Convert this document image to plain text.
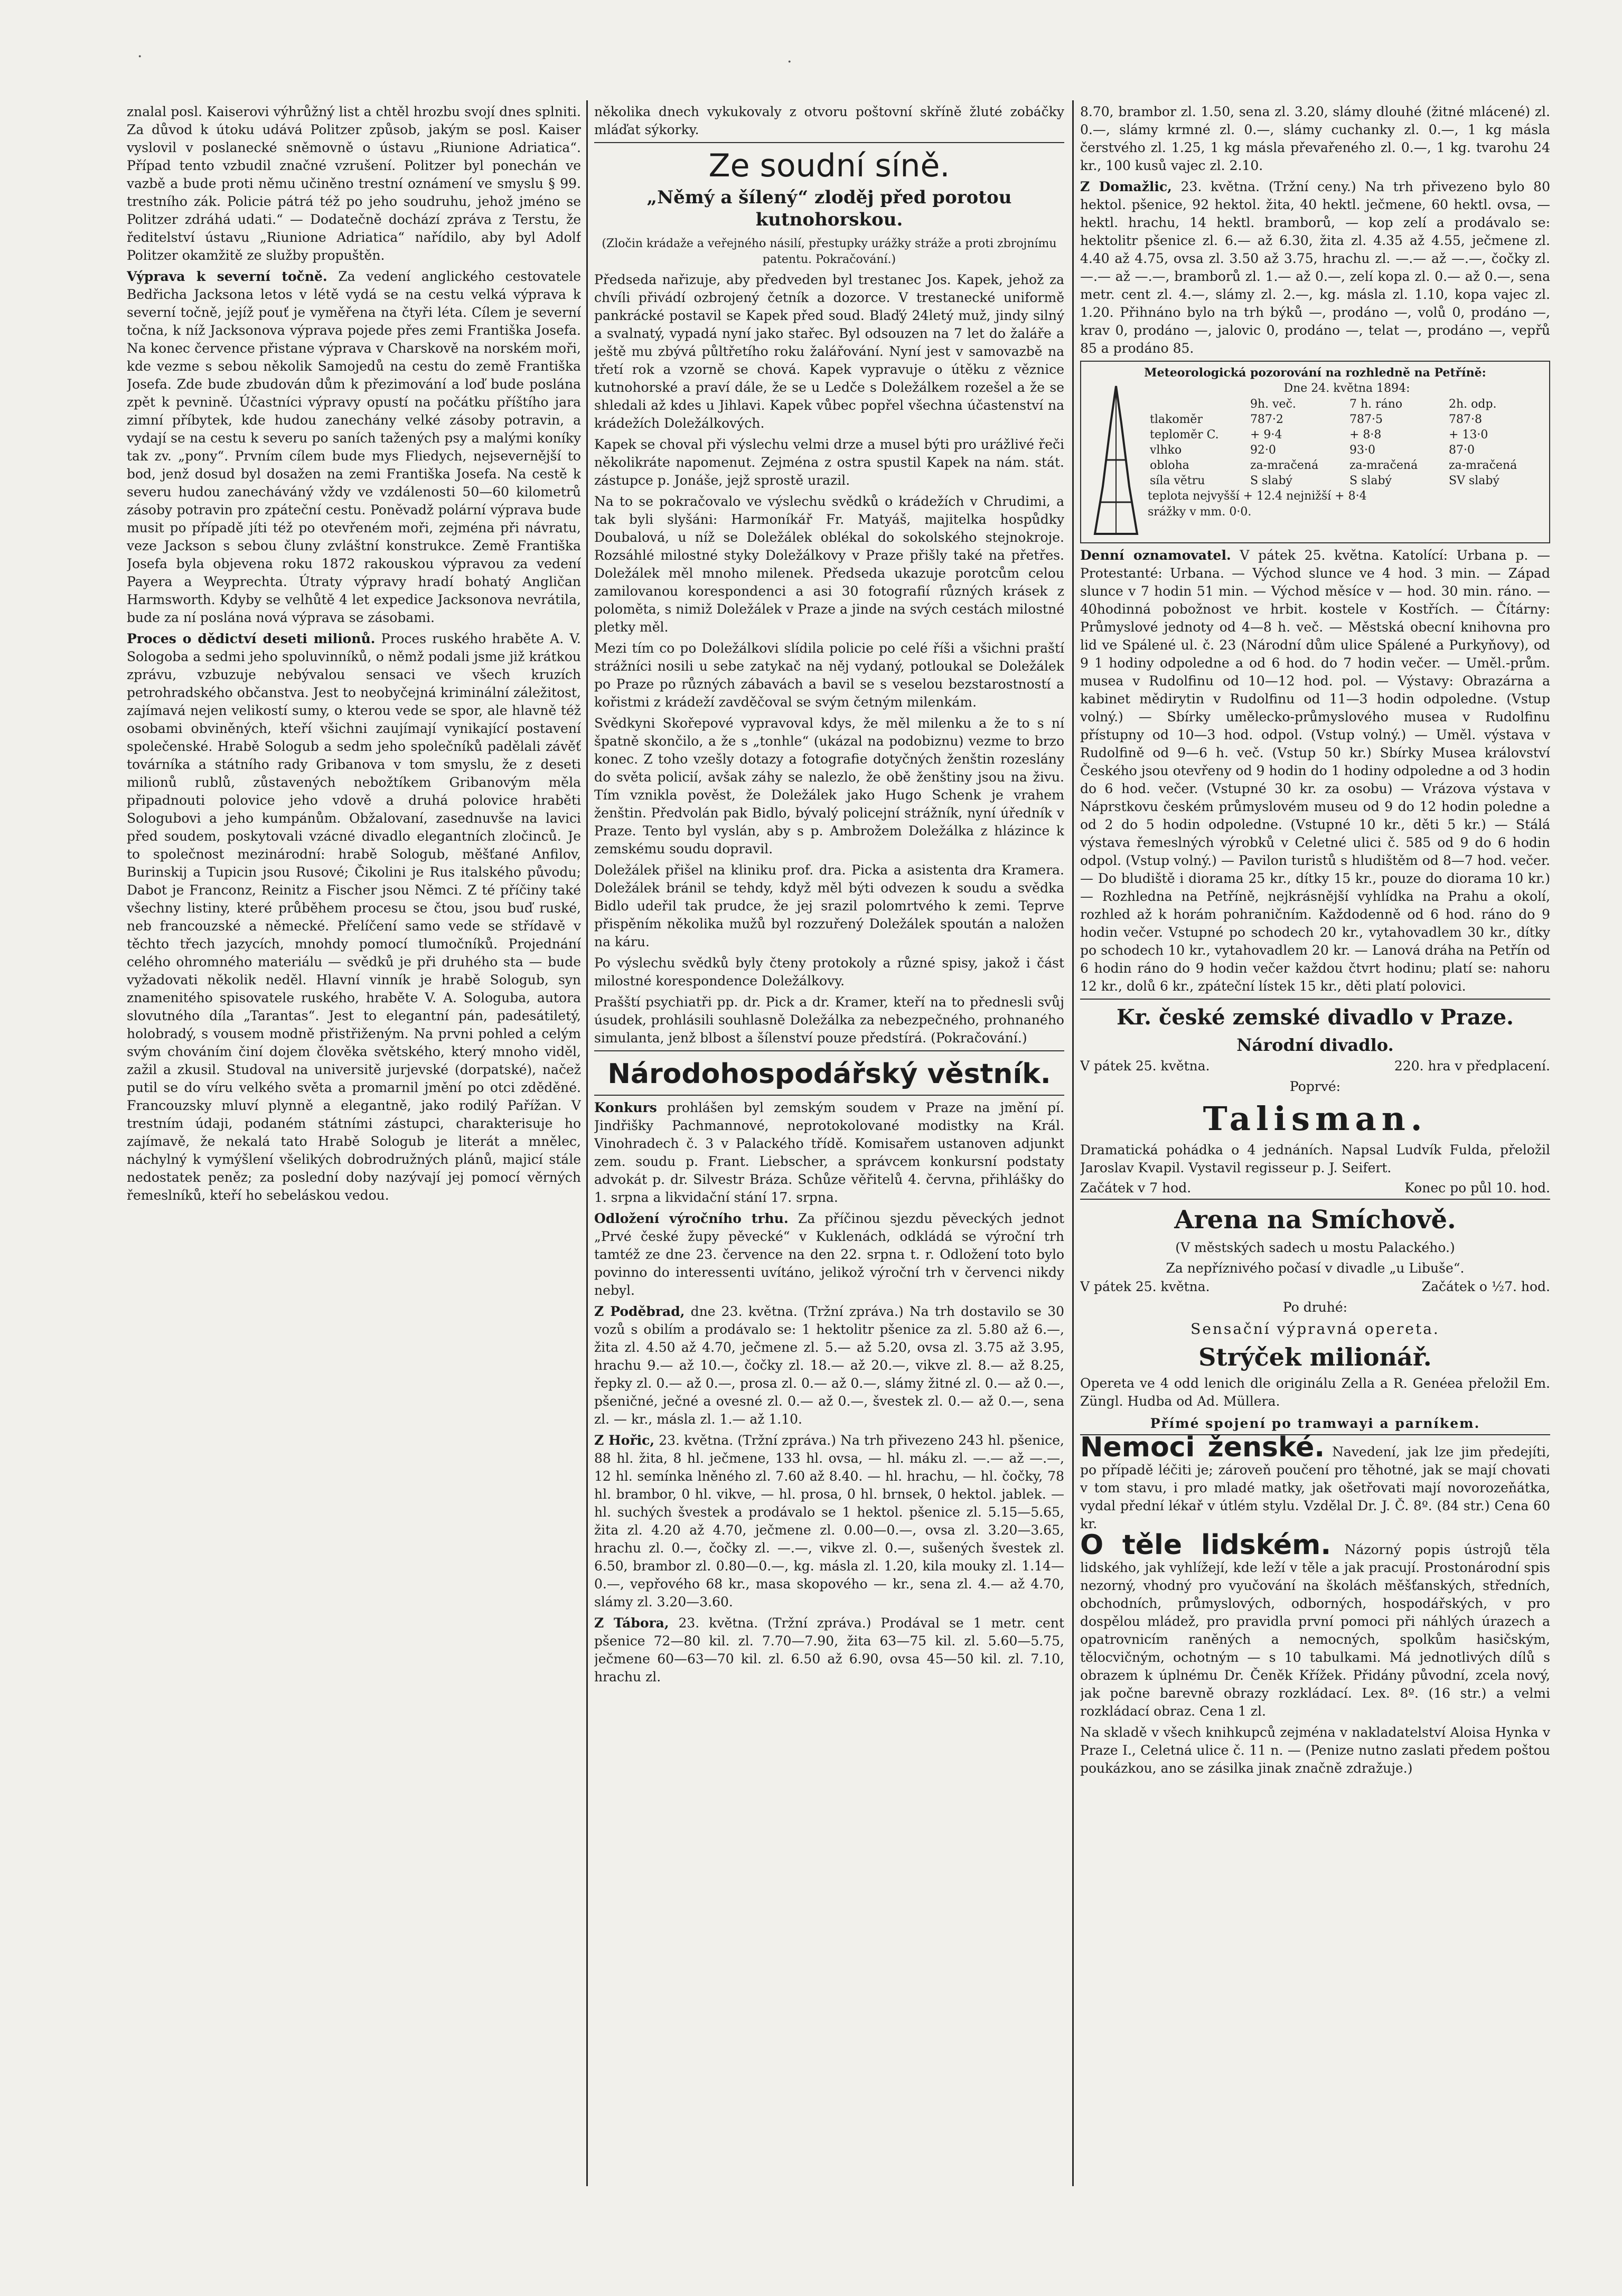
·	·

znalal posl. Kaiserovi výhrůžný list a chtěl hrozbu svojí dnes splniti. Za důvod k útoku udává Politzer způsob, jakým se posl. Kaiser vyslovil v poslanecké sněmovně o ústavu „Riunione Adriatica“. Případ tento vzbudil značné vzrušení. Politzer byl ponechán ve vazbě a bude proti němu učiněno trestní oznámení ve smyslu § 99. trestního zák. Policie pátrá též po jeho soudruhu, jehož jméno se Politzer zdráhá udati.“ — Dodatečně dochází zpráva z Terstu, že ředitelství ústavu „Riunione Adriatica“ nařídilo, aby byl Adolf Politzer okamžitě ze služby propuštěn.

Výprava k severní točně. Za vedení anglického cestovatele Bedřicha Jacksona letos v létě vydá se na cestu velká výprava k severní točně, jejíž pouť je vyměřena na čtyři léta. Cílem je severní točna, k níž Jacksonova výprava pojede přes zemi Františka Josefa. Na konec července přistane výprava v Charskově na norském moři, kde vezme s sebou několik Samojedů na cestu do země Františka Josefa. Zde bude zbudován dům k přezimování a loď bude poslána zpět k pevnině. Účastníci výpravy opustí na počátku příštího jara zimní příbytek, kde hudou zanechány velké zásoby potravin, a vydají se na cestu k severu po saních tažených psy a malými koníky tak zv. „pony“. Prvním cílem bude mys Fliedych, nejsevernější to bod, jenž dosud byl dosažen na zemi Františka Josefa. Na cestě k severu hudou zanecháváný vždy ve vzdálenosti 50—60 kilometrů zásoby potravin pro zpáteční cestu. Poněvadž polární výprava bude musit po případě jíti též po otevřeném moři, zejména při návratu, veze Jackson s sebou čluny zvláštní konstrukce. Země Františka Josefa byla objevena roku 1872 rakouskou výpravou za vedení Payera a Weyprechta. Útraty výpravy hradí bohatý Angličan Harmsworth. Kdyby se velhůtě 4 let expedice Jacksonova nevrátila, bude za ní poslána nová výprava se zásobami.

Proces o dědictví deseti milionů. Proces ruského hraběte A. V. Sologoba a sedmi jeho spoluvinníků, o němž podali jsme již krátkou zprávu, vzbuzuje nebývalou sensaci ve všech kruzích petrohradského občanstva. Jest to neobyčejná kriminální záležitost, zajímavá nejen velikostí sumy, o kterou vede se spor, ale hlavně též osobami obviněných, kteří všichni zaujímají vynikající postavení společenské. Hrabě Sologub a sedm jeho společníků padělali závěť továrníka a státního rady Gribanova v tom smyslu, že z deseti milionů rublů, zůstavených nebožtíkem Gribanovým měla připadnouti polovice jeho vdově a druhá polovice hraběti Sologubovi a jeho kumpánům. Obžalovaní, zasednuvše na lavici před soudem, poskytovali vzácné divadlo elegantních zločinců. Je to společnost mezinárodní: hrabě Sologub, měšťané Anfilov, Burinskij a Tupicin jsou Rusové; Čikolini je Rus italského původu; Dabot je Franconz, Reinitz a Fischer jsou Němci. Z té příčiny také všechny listiny, které průběhem procesu se čtou, jsou buď ruské, neb francouzské a německé. Přelíčení samo vede se střídavě v těchto třech jazycích, mnohdy pomocí tlumočníků. Projednání celého ohromného materiálu — svědků je při druhého sta — bude vyžadovati několik neděl. Hlavní vinník je hrabě Sologub, syn znamenitého spisovatele ruského, hraběte V. A. Sologuba, autora slovutného díla „Tarantas“. Jest to elegantní pán, padesátiletý, holobradý, s vousem modně přistřiženým. Na prvni pohled a celým svým chováním činí dojem člověka světského, který mnoho viděl, zažil a zkusil. Studoval na universitě jurjevské (dorpatské), načež putil se do víru velkého světa a promarnil jmění po otci zděděné. Francouzsky mluví plynně a elegantně, jako rodilý Pařížan. V trestním údaji, podaném státními zástupci, charakterisuje ho zajímavě, že nekalá tato Hrabě Sologub je literát a mnělec, náchylný k vymýšlení všelikých dobrodružných plánů, majicí stále nedostatek peněz; za poslední doby nazývají jej pomocí věrných řemeslníků, kteří ho sebeláskou vedou.

několika dnech vykukovaly z otvoru poštovní skříně žluté zobáčky mláďat sýkorky.

Ze soudní síně.
„Němý a šílený“ zloděj před porotou kutnohorskou.
(Zločin krádaže a veřejného násilí, přestupky urážky stráže a proti zbrojnímu patentu. Pokračování.)

Předseda nařizuje, aby předveden byl trestanec Jos. Kapek, jehož za chvíli přivádí ozbrojený četník a dozorce. V trestanecké uniformě pankrácké postavil se Kapek před soud. Blaďý 24letý muž, jindy silný a svalnatý, vypadá nyní jako stařec. Byl odsouzen na 7 let do žaláře a ještě mu zbývá půltřetího roku žalářování. Nyní jest v samovazbě na třetí rok a vzorně se chová. Kapek vypravuje o útěku z věznice kutnohorské a praví dále, že se u Ledče s Doležálkem rozešel a že se shledali až kdes u Jihlavi. Kapek vůbec popřel všechna účastenství na krádežích Doležálkových.

Kapek se choval při výslechu velmi drze a musel býti pro urážlivé řeči několikráte napomenut. Zejména z ostra spustil Kapek na nám. stát. zástupce p. Jonáše, jejž sprostě urazil.

Na to se pokračovalo ve výslechu svědků o krádežích v Chrudimi, a tak byli slyšáni: Harmoníkář Fr. Matyáš, majitelka hospůdky Doubalová, u níž se Doležálek oblékal do sokolského stejnokroje. Rozsáhlé milostné styky Doležálkovy v Praze přišly také na přetřes. Doležálek měl mnoho milenek. Předseda ukazuje porotcům celou zamilovanou korespondenci a asi 30 fotografií různých krásek z poloměta, s nimiž Doležálek v Praze a jinde na svých cestách milostné pletky měl.

Mezi tím co po Doležálkovi slídila policie po celé říši a všichni praští strážníci nosili u sebe zatykač na něj vydaný, potloukal se Doležálek po Praze po různých zábavách a bavil se s veselou bezstarostností a kořistmi z krádeží zavděčoval se svým četným milenkám.

Svědkyni Skořepové vypravoval kdys, že měl milenku a že to s ní špatně skončilo, a že s „tonhle“ (ukázal na podobiznu) vezme to brzo konec. Z toho vzešly dotazy a fotografie dotyčných ženštin rozeslány do světa policií, avšak záhy se nalezlo, že obě ženštiny jsou na živu. Tím vznikla pověst, že Doležálek jako Hugo Schenk je vrahem ženštin. Předvolán pak Bidlo, bývalý policejní strážník, nyní úředník v Praze. Tento byl vyslán, aby s p. Ambrožem Doležálka z hlázince k zemskému soudu dopravil.

Doležálek přišel na kliniku prof. dra. Picka a asistenta dra Kramera. Doležálek bránil se tehdy, když měl býti odvezen k soudu a svědka Bidlo udeřil tak prudce, že jej srazil polomrtvého k zemi. Teprve přispěním několika mužů byl rozzuřený Doležálek spoután a naložen na káru.

Po výslechu svědků byly čteny protokoly a různé spisy, jakož i část milostné korespondence Doležálkovy.

Prašští psychiatři pp. dr. Pick a dr. Kramer, kteří na to přednesli svůj úsudek, prohlásili souhlasně Doležálka za nebezpečného, prohnaného simulanta, jenž blbost a šílenství pouze předstírá. (Pokračování.)

Národohospodářský věstník.

Konkurs prohlášen byl zemským soudem v Praze na jmění pí. Jindřišky Pachmannové, neprotokolované modistky na Král. Vinohradech č. 3 v Palackého třídě. Komisařem ustanoven adjunkt zem. soudu p. Frant. Liebscher, a správcem konkursní podstaty advokát p. dr. Silvestr Bráza. Schůze věřitelů 4. června, přihlášky do 1. srpna a likvidační stání 17. srpna.

Odložení výročního trhu. Za příčinou sjezdu pěveckých jednot „Prvé české župy pěvecké“ v Kuklenách, odkládá se výroční trh tamtéž ze dne 23. července na den 22. srpna t. r. Odložení toto bylo povinno do interessenti uvítáno, jelikož výroční trh v červenci nikdy nebyl.

Z Poděbrad, dne 23. května. (Tržní zpráva.) Na trh dostavilo se 30 vozů s obilím a prodávalo se: 1 hektolitr pšenice za zl. 5.80 až 6.—, žita zl. 4.50 až 4.70, ječmene zl. 5.— až 5.20, ovsa zl. 3.75 až 3.95, hrachu 9.— až 10.—, čočky zl. 18.— až 20.—, vikve zl. 8.— až 8.25, řepky zl. 0.— až 0.—, prosa zl. 0.— až 0.—, slámy žitné zl. 0.— až 0.—, pšeničné, ječné a ovesné zl. 0.— až 0.—, švestek zl. 0.— až 0.—, sena zl. — kr., másla zl. 1.— až 1.10.

Z Hořic, 23. května. (Tržní zpráva.) Na trh přivezeno 243 hl. pšenice, 88 hl. žita, 8 hl. ječmene, 133 hl. ovsa, — hl. máku zl. —.— až —.—, 12 hl. semínka lněného zl. 7.60 až 8.40. — hl. hrachu, — hl. čočky, 78 hl. brambor, 0 hl. vikve, — hl. prosa, 0 hl. brnsek, 0 hektol. jablek. — hl. suchých švestek a prodávalo se 1 hektol. pšenice zl. 5.15—5.65, žita zl. 4.20 až 4.70, ječmene zl. 0.00—0.—, ovsa zl. 3.20—3.65, hrachu zl. 0.—, čočky zl. —.—, vikve zl. 0.—, sušených švestek zl. 6.50, brambor zl. 0.80—0.—, kg. másla zl. 1.20, kila mouky zl. 1.14—0.—, vepřového 68 kr., masa skopového — kr., sena zl. 4.— až 4.70, slámy zl. 3.20—3.60.

Z Tábora, 23. května. (Tržní zpráva.) Prodával se 1 metr. cent pšenice 72—80 kil. zl. 7.70—7.90, žita 63—75 kil. zl. 5.60—5.75, ječmene 60—63—70 kil. zl. 6.50 až 6.90, ovsa 45—50 kil. zl. 7.10, hrachu zl.

8.70, brambor zl. 1.50, sena zl. 3.20, slámy dlouhé (žitné mlácené) zl. 0.—, slámy krmné zl. 0.—, slámy cuchanky zl. 0.—, 1 kg másla čerstvého zl. 1.25, 1 kg másla převařeného zl. 0.—, 1 kg. tvarohu 24 kr., 100 kusů vajec zl. 2.10.

Z Domažlic, 23. května. (Tržní ceny.) Na trh přivezeno bylo 80 hektol. pšenice, 92 hektol. žita, 40 hektl. ječmene, 60 hektl. ovsa, — hektl. hrachu, 14 hektl. bramborů, — kop zelí a prodávalo se: hektolitr pšenice zl. 6.— až 6.30, žita zl. 4.35 až 4.55, ječmene zl. 4.40 až 4.75, ovsa zl. 3.50 až 3.75, hrachu zl. —.— až —.—, čočky zl. —.— až —.—, bramborů zl. 1.— až 0.—, zelí kopa zl. 0.— až 0.—, sena metr. cent zl. 4.—, slámy zl. 2.—, kg. másla zl. 1.10, kopa vajec zl. 1.20. Přihnáno bylo na trh býků —, prodáno —, volů 0, prodáno —, krav 0, prodáno —, jalovic 0, prodáno —, telat —, prodáno —, vepřů 85 a prodáno 85.

Meteorologická pozorování na rozhledně na Petříně:
Dne 24. května 1894:
	9h. več.	7 h. ráno	2h. odp.
tlakoměr	787·2	787·5	787·8
teploměr C.	+ 9·4	+ 8·8	+ 13·0
vlhko	92·0	93·0	87·0
obloha	za-mračená	za-mračená	za-mračená
síla větru	S slabý	S slabý	SV slabý
teplota nejvyšší + 12.4 nejnižší + 8·4
srážky v mm. 0·0.

Denní oznamovatel. V pátek 25. května. Katolící: Urbana p. — Protestanté: Urbana. — Východ slunce ve 4 hod. 3 min. — Západ slunce v 7 hodin 51 min. — Východ měsíce v — hod. 30 min. ráno. — 40hodinná pobožnost ve hrbit. kostele v Kostřích. — Čítárny: Průmyslové jednoty od 4—8 h. več. — Městská obecní knihovna pro lid ve Spálené ul. č. 23 (Národní dům ulice Spálené a Purkyňovy), od 9 1 hodiny odpoledne a od 6 hod. do 7 hodin večer. — Uměl.-prům. musea v Rudolfinu od 10—12 hod. pol. — Výstavy: Obrazárna a kabinet mědirytin v Rudolfinu od 11—3 hodin odpoledne. (Vstup volný.) — Sbírky umělecko-průmyslového musea v Rudolfinu přístupny od 10—3 hod. odpol. (Vstup volný.) — Uměl. výstava v Rudolfině od 9—6 h. več. (Vstup 50 kr.) Sbírky Musea království Českého jsou otevřeny od 9 hodin do 1 hodiny odpoledne a od 3 hodin do 6 hod. večer. (Vstupné 30 kr. za osobu) — Vrázova výstava v Náprstkovu českém průmyslovém museu od 9 do 12 hodin poledne a od 2 do 5 hodin odpoledne. (Vstupné 10 kr., děti 5 kr.) — Stálá výstava řemeslných výrobků v Celetné ulici č. 585 od 9 do 6 hodin odpol. (Vstup volný.) — Pavilon turistů s hludištěm od 8—7 hod. večer. — Do bludiště i diorama 25 kr., dítky 15 kr., pouze do diorama 10 kr.) — Rozhledna na Petříně, nejkrásnější vyhlídka na Prahu a okolí, rozhled až k horám pohraničním. Každodenně od 6 hod. ráno do 9 hodin večer. Vstupné po schodech 20 kr., vytahovadlem 30 kr., dítky po schodech 10 kr., vytahovadlem 20 kr. — Lanová dráha na Petřín od 6 hodin ráno do 9 hodin večer každou čtvrt hodinu; platí se: nahoru 12 kr., dolů 6 kr., zpáteční lístek 15 kr., děti platí polovici.

Kr. české zemské divadlo v Praze.
Národní divadlo.
V pátek 25. května.	220. hra v předplacení.
Poprvé:
Talisman.

Dramatická pohádka o 4 jednáních. Napsal Ludvík Fulda, přeložil Jaroslav Kvapil. Vystavil regisseur p. J. Seifert.

Začátek v 7 hod.	Konec po půl 10. hod.
Arena na Smíchově.
(V městských sadech u mostu Palackého.)
Za nepříznivého počasí v divadle „u Libuše“.
V pátek 25. května.	Začátek o ½7. hod.
Po druhé:
Sensační výpravná opereta.
Strýček milionář.

Opereta ve 4 odd lenich dle originálu Zella a R. Genéea přeložil Em. Züngl. Hudba od Ad. Müllera.

Přímé spojení po tramwayi a parníkem.

Nemoci ženské. Navedení, jak lze jim předejíti, po případě léčiti je; zároveň poučení pro těhotné, jak se mají chovati v tom stavu, i pro mladé matky, jak ošetřovati mají novorozeňátka, vydal přední lékař v útlém stylu. Vzdělal Dr. J. Č. 8º. (84 str.) Cena 60 kr.

O těle lidském. Názorný popis ústrojů těla lidského, jak vyhlížejí, kde leží v těle a jak pracují. Prostonárodní spis nezorný, vhodný pro vyučování na školách měšťanských, středních, obchodních, průmyslových, odborných, hospodářských, v pro dospělou mládež, pro pravidla první pomoci při náhlých úrazech a opatrovnicím raněných a nemocných, spolkům hasičským, tělocvičným, ochotným — s 10 tabulkami. Má jednotlivých dílů s obrazem k úplnému Dr. Čeněk Křížek. Přidány původní, zcela nový, jak počne barevně obrazy rozkládací. Lex. 8º. (16 str.) a velmi rozkládací obraz. Cena 1 zl.

Na skladě v všech knihkupců zejména v nakladatelství Aloisa Hynka v Praze I., Celetná ulice č. 11 n. — (Penize nutno zaslati předem poštou poukázkou, ano se zásilka jinak značně zdražuje.)
